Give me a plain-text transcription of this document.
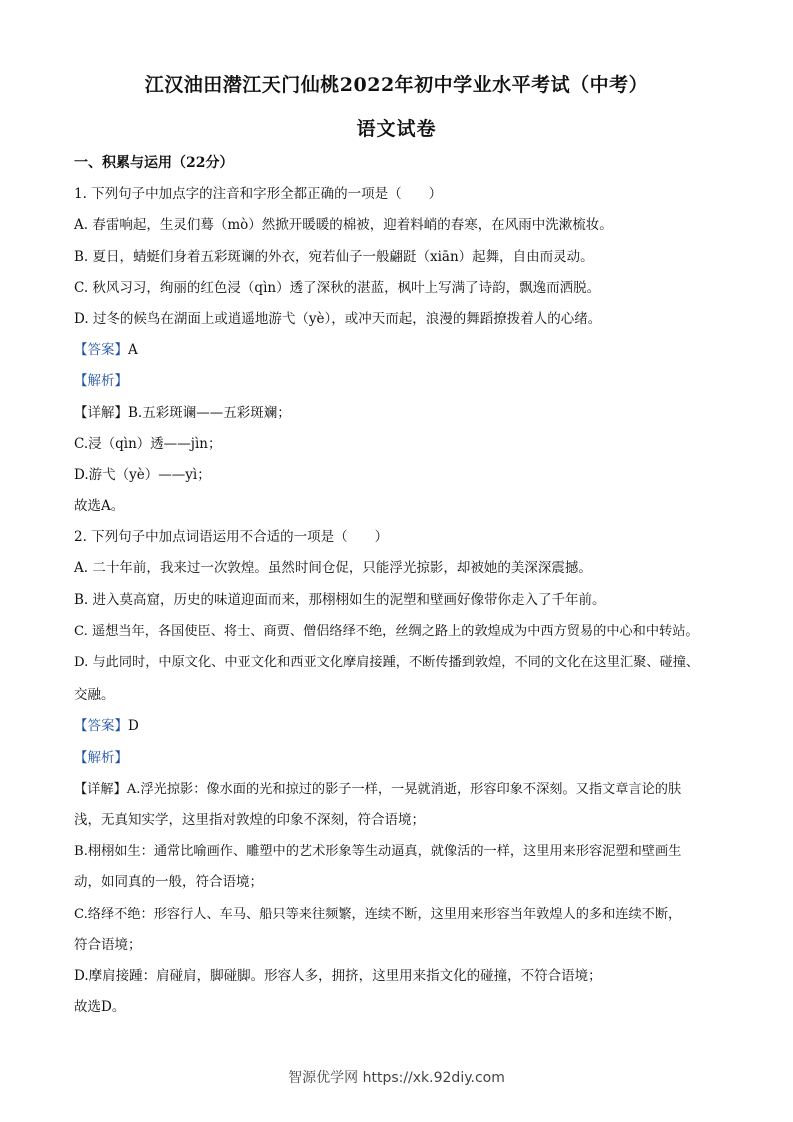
江汉油田潜江天门仙桃2022年初中学业水平考试（中考）
语文试卷
一、积累与运用（22分）
1. 下列句子中加点字的注音和字形全都正确的一项是（　　）
A. 春雷响起，生灵们蓦（mò）然掀开暖暖的棉被，迎着料峭的春寒，在风雨中洗漱梳妆。
B. 夏日，蜻蜓们身着五彩斑谰的外衣，宛若仙子一般翩跹（xiān）起舞，自由而灵动。
C. 秋风习习，绚丽的红色浸（qìn）透了深秋的湛蓝，枫叶上写满了诗韵，飘逸而洒脱。
D. 过冬的候鸟在湖面上或逍遥地游弋（yè），或冲天而起，浪漫的舞蹈撩拨着人的心绪。
【答案】A
【解析】
【详解】B.五彩斑谰——五彩斑斓；
C.浸（qìn）透——jìn；
D.游弋（yè）——yì；
故选A。
2. 下列句子中加点词语运用不合适的一项是（　　）
A. 二十年前，我来过一次敦煌。虽然时间仓促，只能浮光掠影，却被她的美深深震撼。
B. 进入莫高窟，历史的味道迎面而来，那栩栩如生的泥塑和壁画好像带你走入了千年前。
C. 遥想当年，各国使臣、将士、商贾、僧侣络绎不绝，丝绸之路上的敦煌成为中西方贸易的中心和中转站。
D. 与此同时，中原文化、中亚文化和西亚文化摩肩接踵，不断传播到敦煌，不同的文化在这里汇聚、碰撞、
交融。
【答案】D
【解析】
【详解】A.浮光掠影：像水面的光和掠过的影子一样，一晃就消逝，形容印象不深刻。又指文章言论的肤
浅，无真知实学，这里指对敦煌的印象不深刻，符合语境；
B.栩栩如生：通常比喻画作、雕塑中的艺术形象等生动逼真，就像活的一样，这里用来形容泥塑和壁画生
动，如同真的一般，符合语境；
C.络绎不绝：形容行人、车马、船只等来往频繁，连续不断，这里用来形容当年敦煌人的多和连续不断，
符合语境；
D.摩肩接踵：肩碰肩，脚碰脚。形容人多，拥挤，这里用来指文化的碰撞，不符合语境；
故选D。
智源优学网 https://xk.92diy.com
